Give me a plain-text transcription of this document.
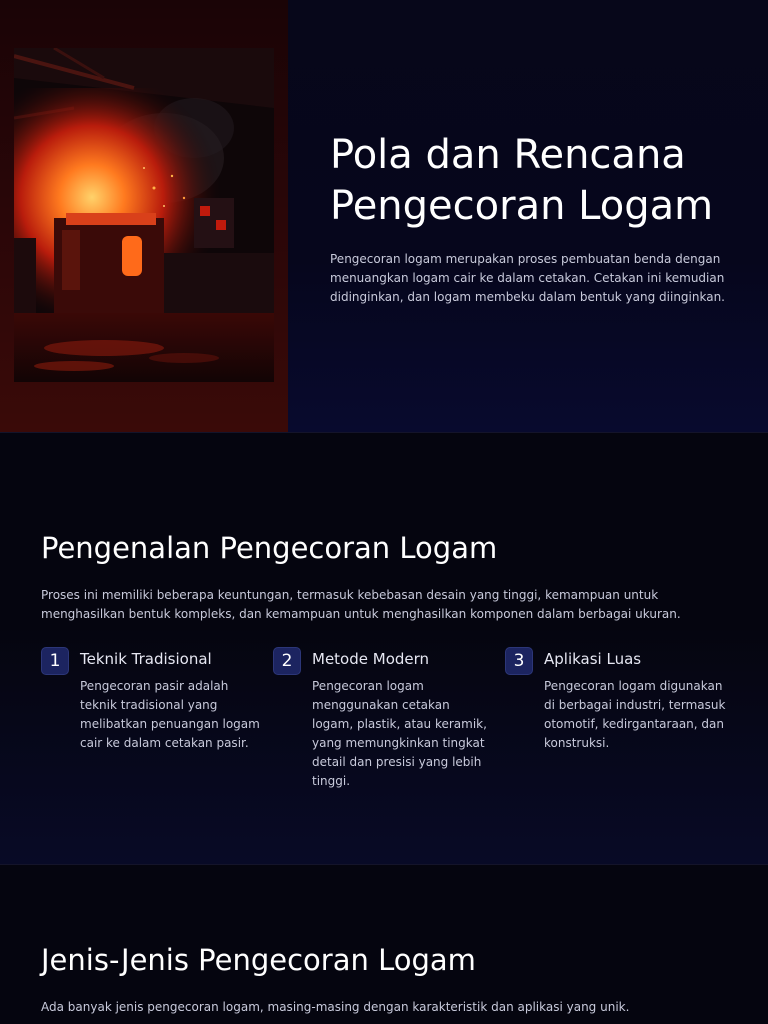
Pola dan Rencana Pengecoran Logam

Pengecoran logam merupakan proses pembuatan benda dengan menuangkan logam cair ke dalam cetakan. Cetakan ini kemudian didinginkan, dan logam membeku dalam bentuk yang diinginkan.

Pengenalan Pengecoran Logam

Proses ini memiliki beberapa keuntungan, termasuk kebebasan desain yang tinggi, kemampuan untuk menghasilkan bentuk kompleks, dan kemampuan untuk menghasilkan komponen dalam berbagai ukuran.

1	Teknik Tradisional

Pengecoran pasir adalah teknik tradisional yang melibatkan penuangan logam cair ke dalam cetakan pasir.

2	Metode Modern

Pengecoran logam menggunakan cetakan logam, plastik, atau keramik, yang memungkinkan tingkat detail dan presisi yang lebih tinggi.

3	Aplikasi Luas

Pengecoran logam digunakan di berbagai industri, termasuk otomotif, kedirgantaraan, dan konstruksi.

Jenis-Jenis Pengecoran Logam

Ada banyak jenis pengecoran logam, masing-masing dengan karakteristik dan aplikasi yang unik.
